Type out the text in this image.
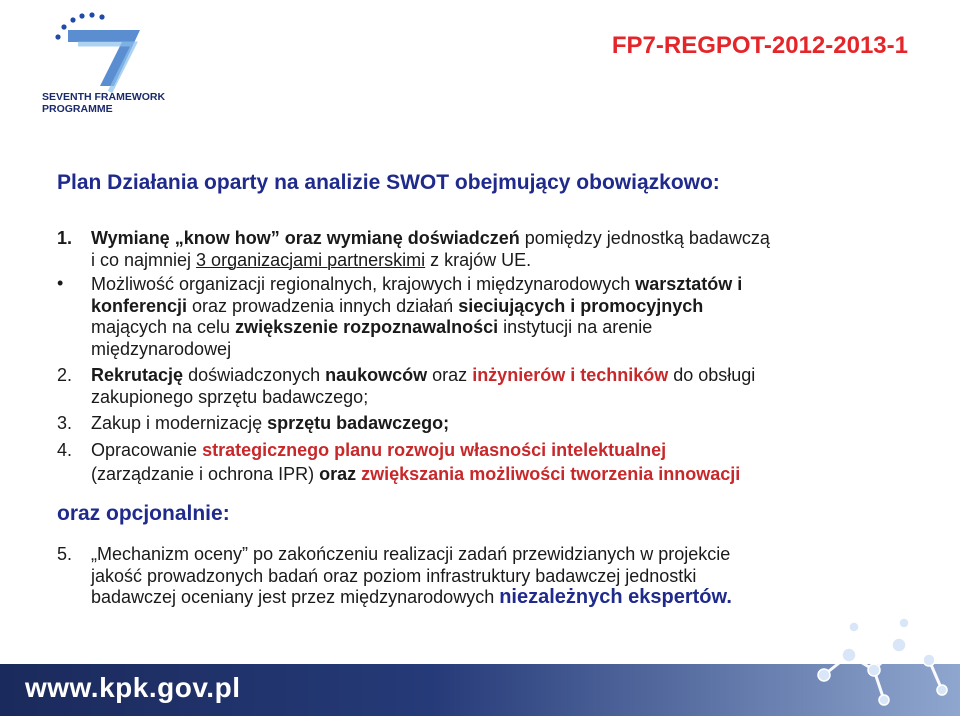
SEVENTH FRAMEWORK
PROGRAMME
FP7-REGPOT-2012-2013-1
Plan Działania oparty na analizie SWOT obejmujący obowiązkowo:
1. Wymianę „know how” oraz wymianę doświadczeń pomiędzy jednostką badawczą
i co najmniej 3 organizacjami partnerskimi z krajów UE.
• Możliwość organizacji regionalnych, krajowych i międzynarodowych warsztatów i
konferencji oraz prowadzenia innych działań sieciujących i promocyjnych
mających na celu zwiększenie rozpoznawalności instytucji na arenie
międzynarodowej
2. Rekrutację doświadczonych naukowców oraz inżynierów i techników do obsługi
zakupionego sprzętu badawczego;
3. Zakup i modernizację sprzętu badawczego;
4. Opracowanie strategicznego planu rozwoju własności intelektualnej
(zarządzanie i ochrona IPR) oraz zwiększania możliwości tworzenia innowacji
oraz opcjonalnie:
5. „Mechanizm oceny” po zakończeniu realizacji zadań przewidzianych w projekcie
jakość prowadzonych badań oraz poziom infrastruktury badawczej jednostki
badawczej oceniany jest przez międzynarodowych niezależnych ekspertów.
www.kpk.gov.pl
